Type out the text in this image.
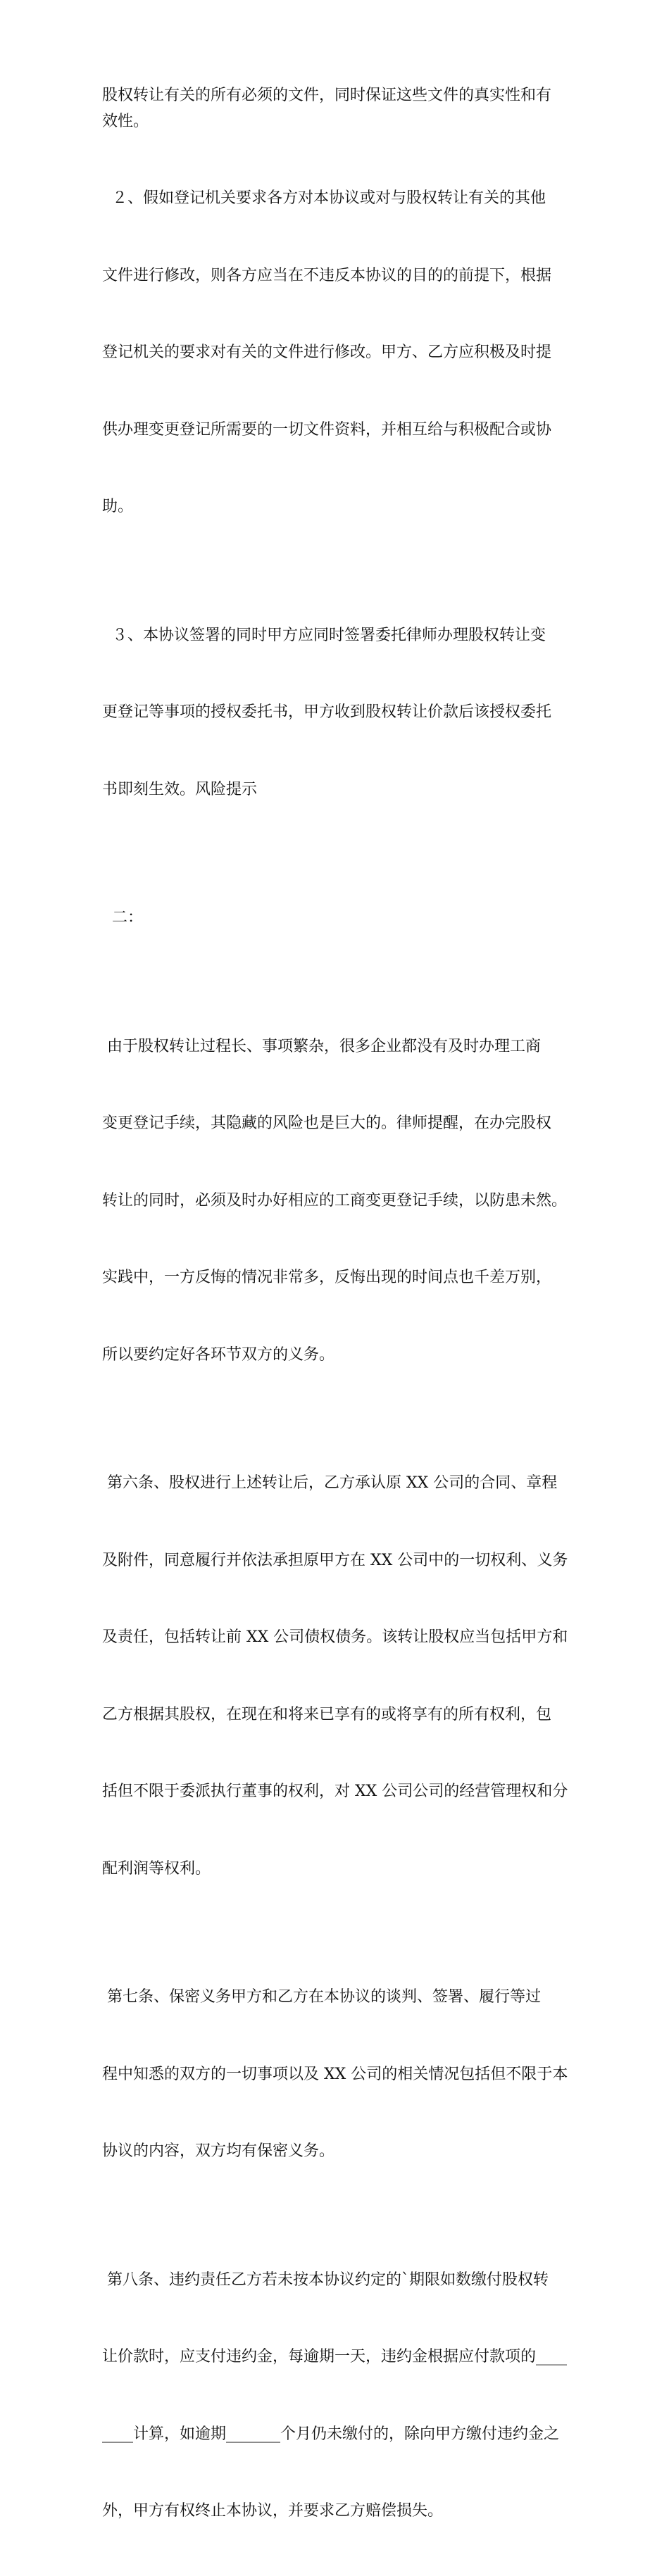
股权转让有关的所有必须的文件，同时保证这些文件的真实性和有
效性。

２、假如登记机关要求各方对本协议或对与股权转让有关的其他

文件进行修改，则各方应当在不违反本协议的目的的前提下，根据

登记机关的要求对有关的文件进行修改。甲方、乙方应积极及时提

供办理变更登记所需要的一切文件资料，并相互给与积极配合或协

助。

３、本协议签署的同时甲方应同时签署委托律师办理股权转让变

更登记等事项的授权委托书，甲方收到股权转让价款后该授权委托

书即刻生效。风险提示

二：

由于股权转让过程长、事项繁杂，很多企业都没有及时办理工商

变更登记手续，其隐藏的风险也是巨大的。律师提醒，在办完股权

转让的同时，必须及时办好相应的工商变更登记手续，以防患未然。

实践中，一方反悔的情况非常多，反悔出现的时间点也千差万别，

所以要约定好各环节双方的义务。

第六条、股权进行上述转让后，乙方承认原 XX 公司的合同、章程

及附件，同意履行并依法承担原甲方在 XX 公司中的一切权利、义务

及责任，包括转让前 XX 公司债权债务。该转让股权应当包括甲方和

乙方根据其股权，在现在和将来已享有的或将享有的所有权利，包

括但不限于委派执行董事的权利，对 XX 公司公司的经营管理权和分

配利润等权利。

第七条、保密义务甲方和乙方在本协议的谈判、签署、履行等过

程中知悉的双方的一切事项以及 XX 公司的相关情况包括但不限于本

协议的内容，双方均有保密义务。

第八条、违约责任乙方若未按本协议约定的`期限如数缴付股权转

让价款时，应支付违约金，每逾期一天，违约金根据应付款项的____

____计算，如逾期_______个月仍未缴付的，除向甲方缴付违约金之

外，甲方有权终止本协议，并要求乙方赔偿损失。
